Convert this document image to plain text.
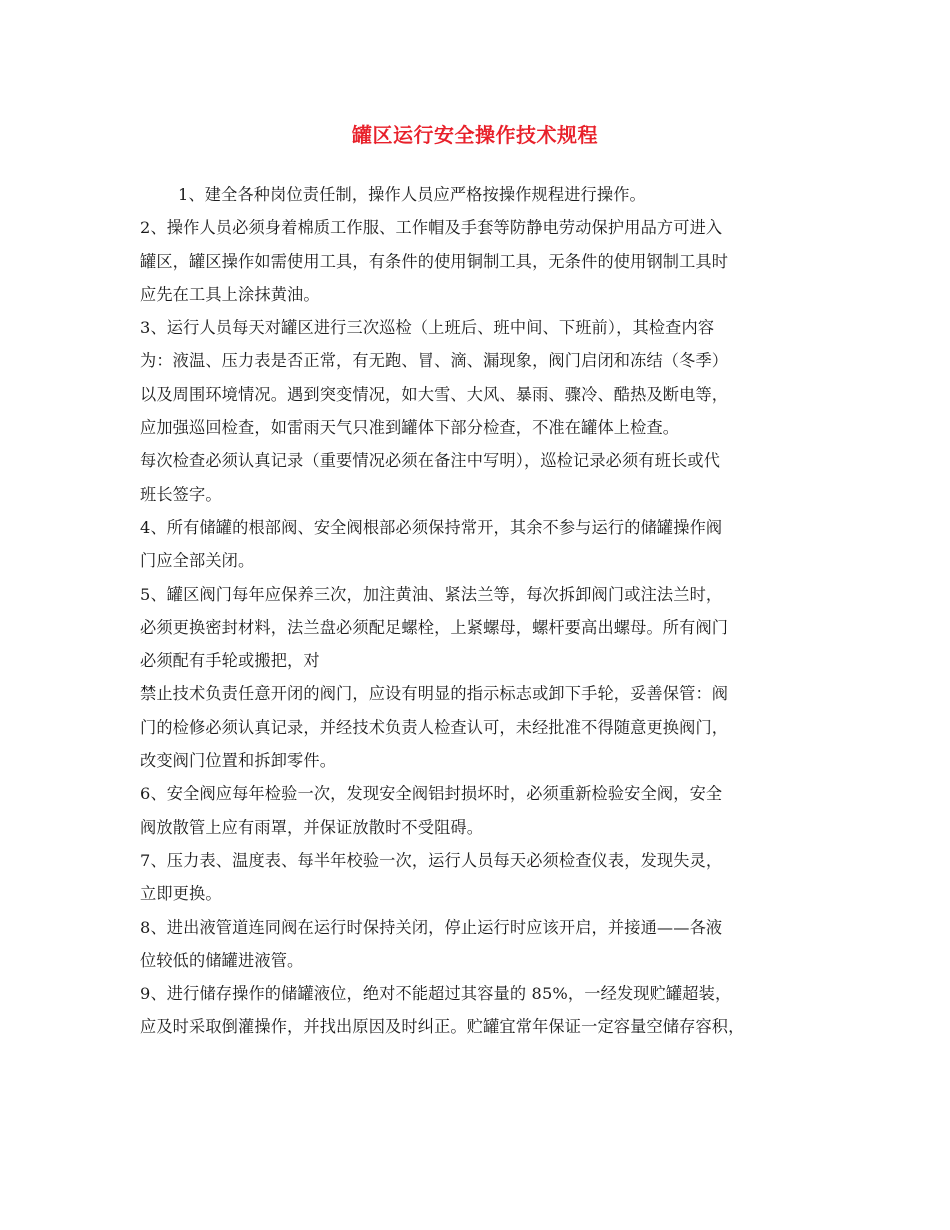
罐区运行安全操作技术规程
1、建全各种岗位责任制，操作人员应严格按操作规程进行操作。
2、操作人员必须身着棉质工作服、工作帽及手套等防静电劳动保护用品方可进入
罐区，罐区操作如需使用工具，有条件的使用铜制工具，无条件的使用钢制工具时
应先在工具上涂抹黄油。
3、运行人员每天对罐区进行三次巡检（上班后、班中间、下班前），其检查内容
为：液温、压力表是否正常，有无跑、冒、滴、漏现象，阀门启闭和冻结（冬季）
以及周围环境情况。遇到突变情况，如大雪、大风、暴雨、骤冷、酷热及断电等，
应加强巡回检查，如雷雨天气只准到罐体下部分检查，不准在罐体上检查。
每次检查必须认真记录（重要情况必须在备注中写明），巡检记录必须有班长或代
班长签字。
4、所有储罐的根部阀、安全阀根部必须保持常开，其余不参与运行的储罐操作阀
门应全部关闭。
5、罐区阀门每年应保养三次，加注黄油、紧法兰等，每次拆卸阀门或注法兰时，
必须更换密封材料，法兰盘必须配足螺栓，上紧螺母，螺杆要高出螺母。所有阀门
必须配有手轮或搬把，对
禁止技术负责任意开闭的阀门，应设有明显的指示标志或卸下手轮，妥善保管：阀
门的检修必须认真记录，并经技术负责人检查认可，未经批准不得随意更换阀门，
改变阀门位置和拆卸零件。
6、安全阀应每年检验一次，发现安全阀铝封损坏时，必须重新检验安全阀，安全
阀放散管上应有雨罩，并保证放散时不受阻碍。
7、压力表、温度表、每半年校验一次，运行人员每天必须检查仪表，发现失灵，
立即更换。
8、进出液管道连同阀在运行时保持关闭，停止运行时应该开启，并接通——各液
位较低的储罐进液管。
9、进行储存操作的储罐液位，绝对不能超过其容量的 85%，一经发现贮罐超装，
应及时采取倒灌操作，并找出原因及时纠正。贮罐宜常年保证一定容量空储存容积，
